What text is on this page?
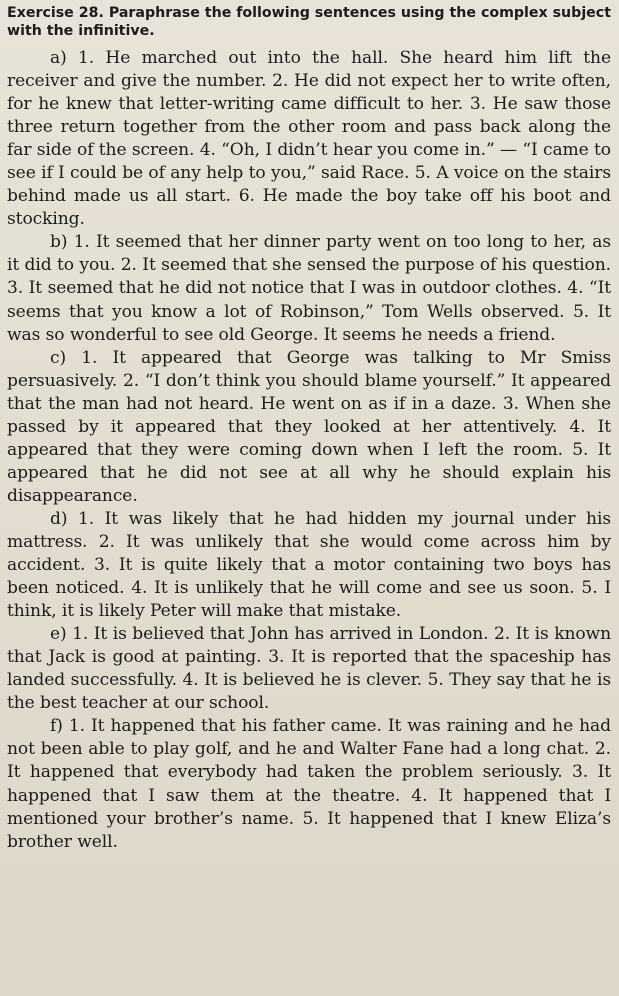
Exercise 28. Paraphrase the following sentences using the complex subject with the infinitive.

a) 1. He marched out into the hall. She heard him lift the receiver and give the number. 2. He did not expect her to write often, for he knew that letter-writing came difficult to her. 3. He saw those three return together from the other room and pass back along the far side of the screen. 4. “Oh, I didn’t hear you come in.” — “I came to see if I could be of any help to you,” said Race. 5. A voice on the stairs behind made us all start. 6. He made the boy take off his boot and stocking.

b) 1. It seemed that her dinner party went on too long to her, as it did to you. 2. It seemed that she sensed the purpose of his question. 3. It seemed that he did not notice that I was in outdoor clothes. 4. “It seems that you know a lot of Robinson,” Tom Wells observed. 5. It was so wonderful to see old George. It seems he needs a friend.

c) 1. It appeared that George was talking to Mr Smiss persuasively. 2. “I don’t think you should blame yourself.” It appeared that the man had not heard. He went on as if in a daze. 3. When she passed by it appeared that they looked at her attentively. 4. It appeared that they were coming down when I left the room. 5. It appeared that he did not see at all why he should explain his disappearance.

d) 1. It was likely that he had hidden my journal under his mattress. 2. It was unlikely that she would come across him by accident. 3. It is quite likely that a motor containing two boys has been noticed. 4. It is unlikely that he will come and see us soon. 5. I think, it is likely Peter will make that mistake.

e) 1. It is believed that John has arrived in London. 2. It is known that Jack is good at painting. 3. It is reported that the spaceship has landed successfully. 4. It is believed he is clever. 5. They say that he is the best teacher at our school.

f) 1. It happened that his father came. It was raining and he had not been able to play golf, and he and Walter Fane had a long chat. 2. It happened that everybody had taken the problem seriously. 3. It happened that I saw them at the theatre. 4. It happened that I mentioned your brother’s name. 5. It happened that I knew Eliza’s brother well.
